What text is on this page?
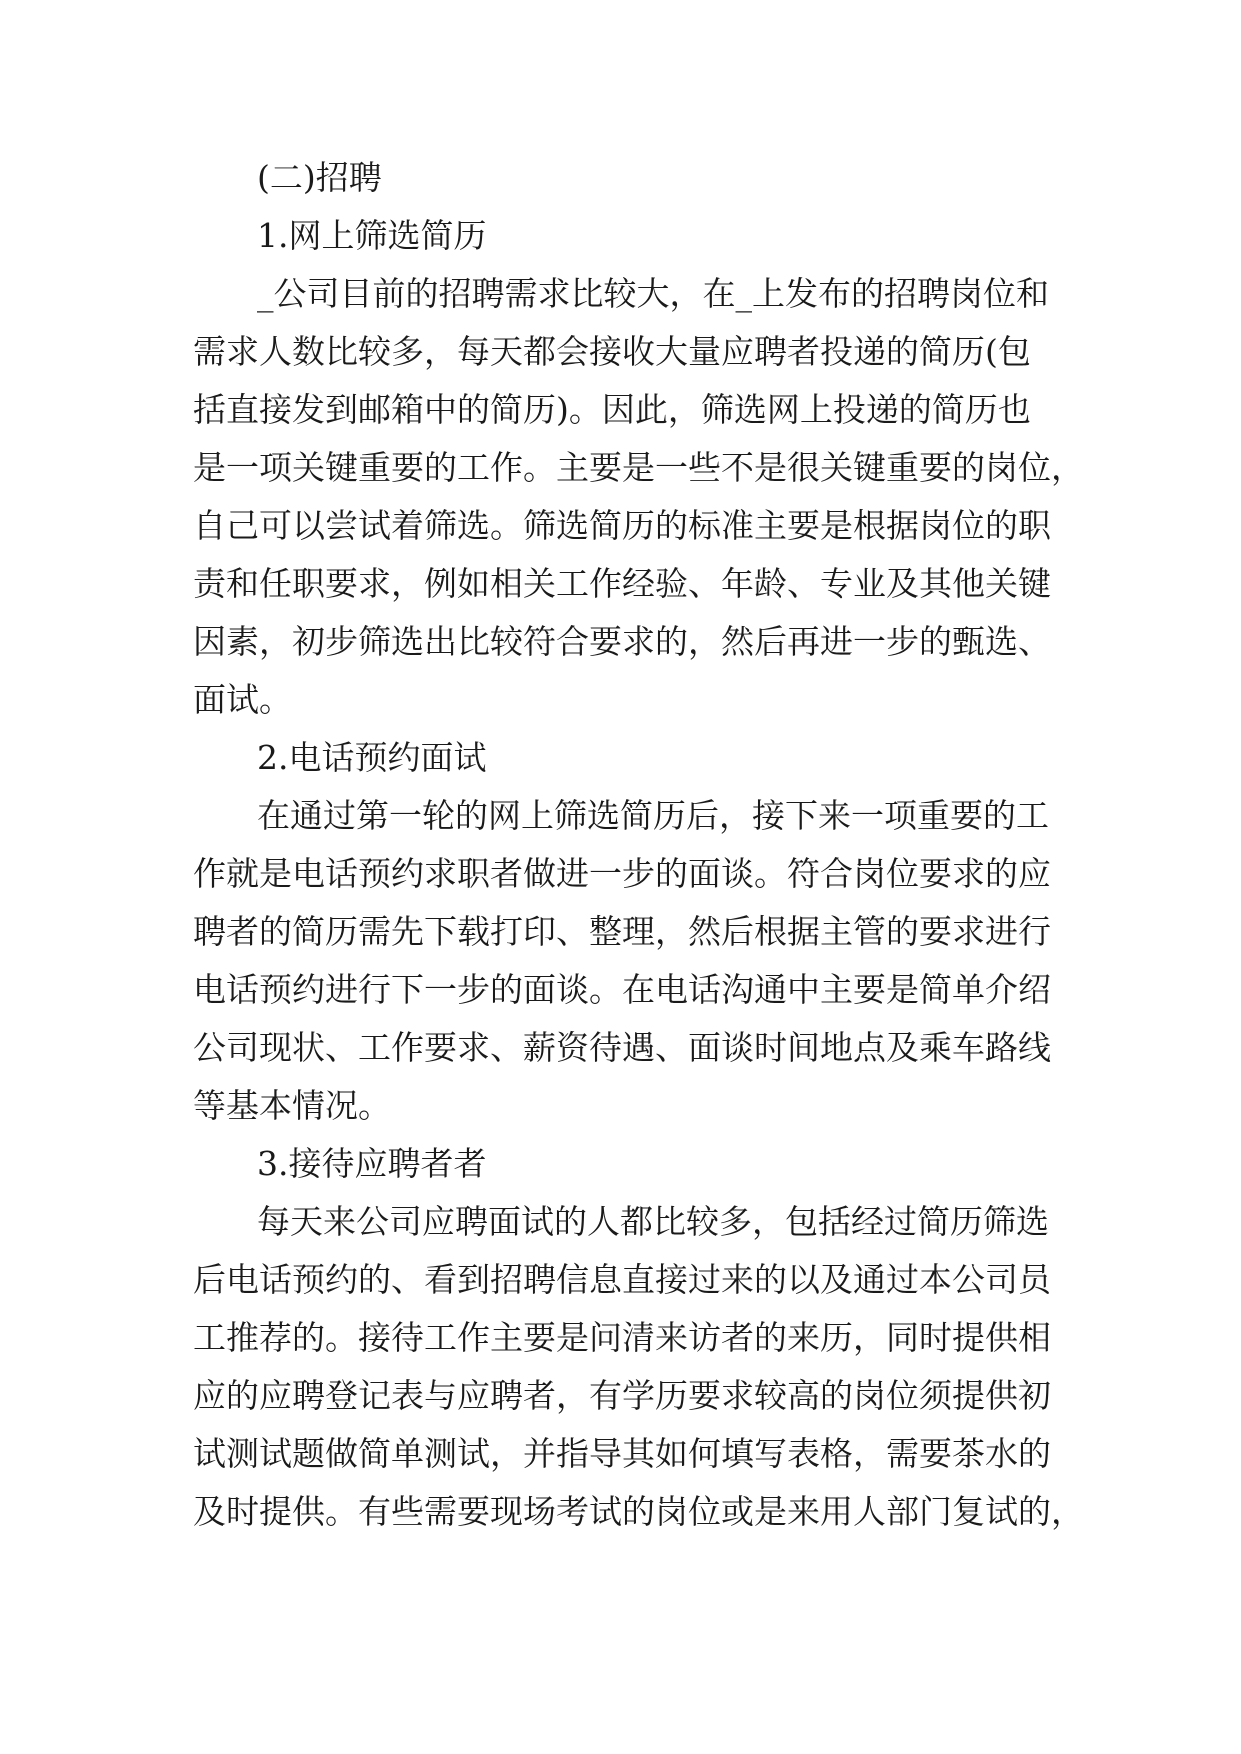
(二)招聘
1.网上筛选简历
_公司目前的招聘需求比较大，在_上发布的招聘岗位和
需求人数比较多，每天都会接收大量应聘者投递的简历(包
括直接发到邮箱中的简历)。因此，筛选网上投递的简历也
是一项关键重要的工作。主要是一些不是很关键重要的岗位，
自己可以尝试着筛选。筛选简历的标准主要是根据岗位的职
责和任职要求，例如相关工作经验、年龄、专业及其他关键
因素，初步筛选出比较符合要求的，然后再进一步的甄选、
面试。
2.电话预约面试
在通过第一轮的网上筛选简历后，接下来一项重要的工
作就是电话预约求职者做进一步的面谈。符合岗位要求的应
聘者的简历需先下载打印、整理，然后根据主管的要求进行
电话预约进行下一步的面谈。在电话沟通中主要是简单介绍
公司现状、工作要求、薪资待遇、面谈时间地点及乘车路线
等基本情况。
3.接待应聘者者
每天来公司应聘面试的人都比较多，包括经过简历筛选
后电话预约的、看到招聘信息直接过来的以及通过本公司员
工推荐的。接待工作主要是问清来访者的来历，同时提供相
应的应聘登记表与应聘者，有学历要求较高的岗位须提供初
试测试题做简单测试，并指导其如何填写表格，需要茶水的
及时提供。有些需要现场考试的岗位或是来用人部门复试的，
